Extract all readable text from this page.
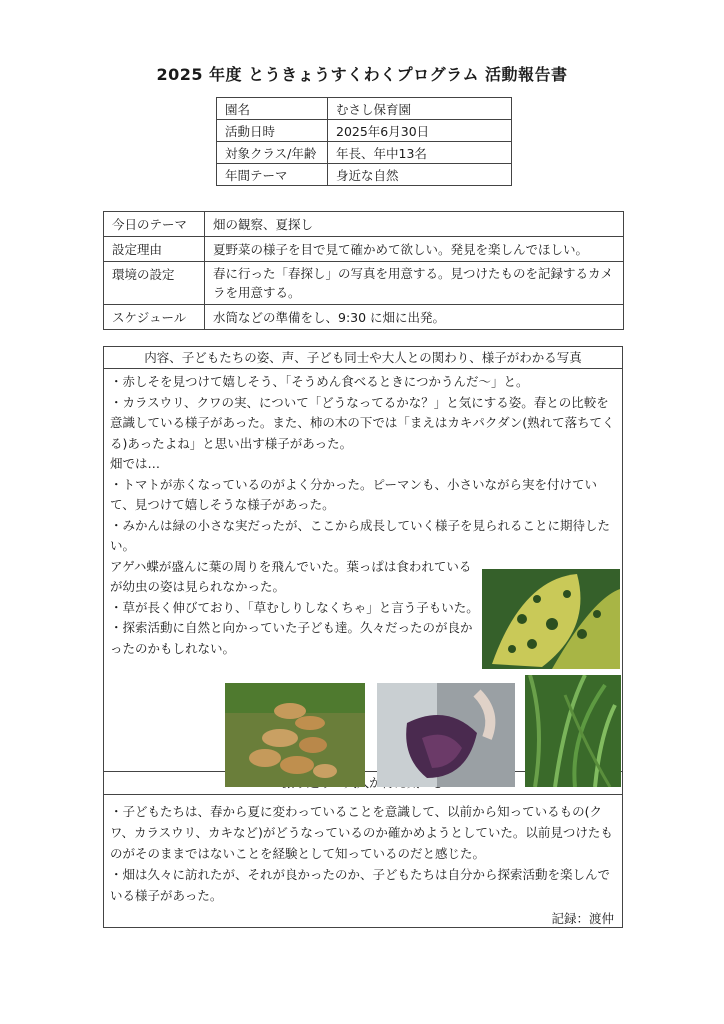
2025 年度 とうきょうすくわくプログラム 活動報告書
園名	むさし保育園
活動日時	2025年6月30日
対象クラス/年齢	年長、年中13名
年間テーマ	身近な自然
今日のテーマ	畑の観察、夏探し
設定理由	夏野菜の様子を目で見て確かめて欲しい。発見を楽しんでほしい。
環境の設定	春に行った「春探し」の写真を用意する。見つけたものを記録するカメラを用意する。
スケジュール	水筒などの準備をし、9:30 に畑に出発。
内容、子どもたちの姿、声、子ども同士や大人との関わり、様子がわかる写真

・赤しそを見つけて嬉しそう、「そうめん食べるときにつかうんだ～」と。

・カラスウリ、クワの実、について「どうなってるかな？」と気にする姿。春との比較を意識している様子があった。また、柿の木の下では「まえはカキパクダン(熟れて落ちてくる)あったよね」と思い出す様子があった。

畑では…

・トマトが赤くなっているのがよく分かった。ピーマンも、小さいながら実を付けていて、見つけて嬉しそうな様子があった。

・みかんは緑の小さな実だったが、ここから成長していく様子を見られることに期待したい。

アゲハ蝶が盛んに葉の周りを飛んでいた。葉っぱは食われているが幼虫の姿は見られなかった。

・草が長く伸びており、「草むしりしなくちゃ」と言う子もいた。

・探索活動に自然と向かっていた子ども達。久々だったのが良かったのかもしれない。

・子どもたちは、春から夏に変わっていることを意識して、以前から知っているもの(クワ、カラスウリ、カキなど)がどうなっているのか確かめようとしていた。以前見つけたものがそのままではないことを経験として知っているのだと感じた。

・畑は久々に訪れたが、それが良かったのか、子どもたちは自分から探索活動を楽しんでいる様子があった。

記録：渡仲
